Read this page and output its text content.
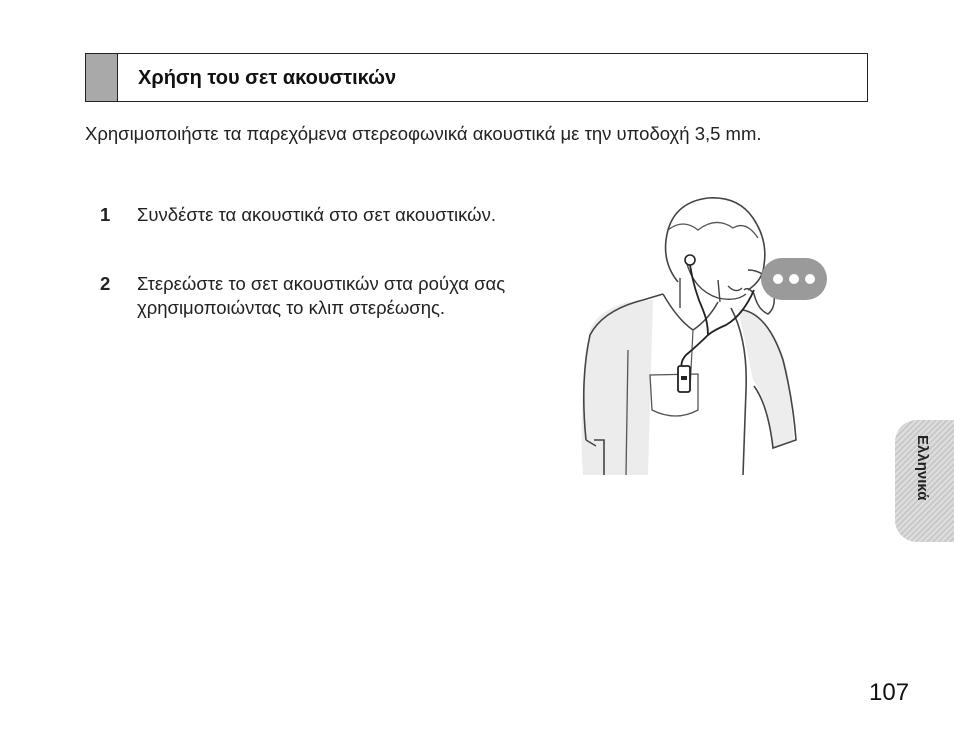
Χρήση του σετ ακουστικών
Χρησιμοποιήστε τα παρεχόμενα στερεοφωνικά ακουστικά με την υποδοχή 3,5 mm.
1 Συνδέστε τα ακουστικά στο σετ ακουστικών.
2 Στερεώστε το σετ ακουστικών στα ρούχα σας χρησιμοποιώντας το κλιπ στερέωσης.
Ελληνικά
107
